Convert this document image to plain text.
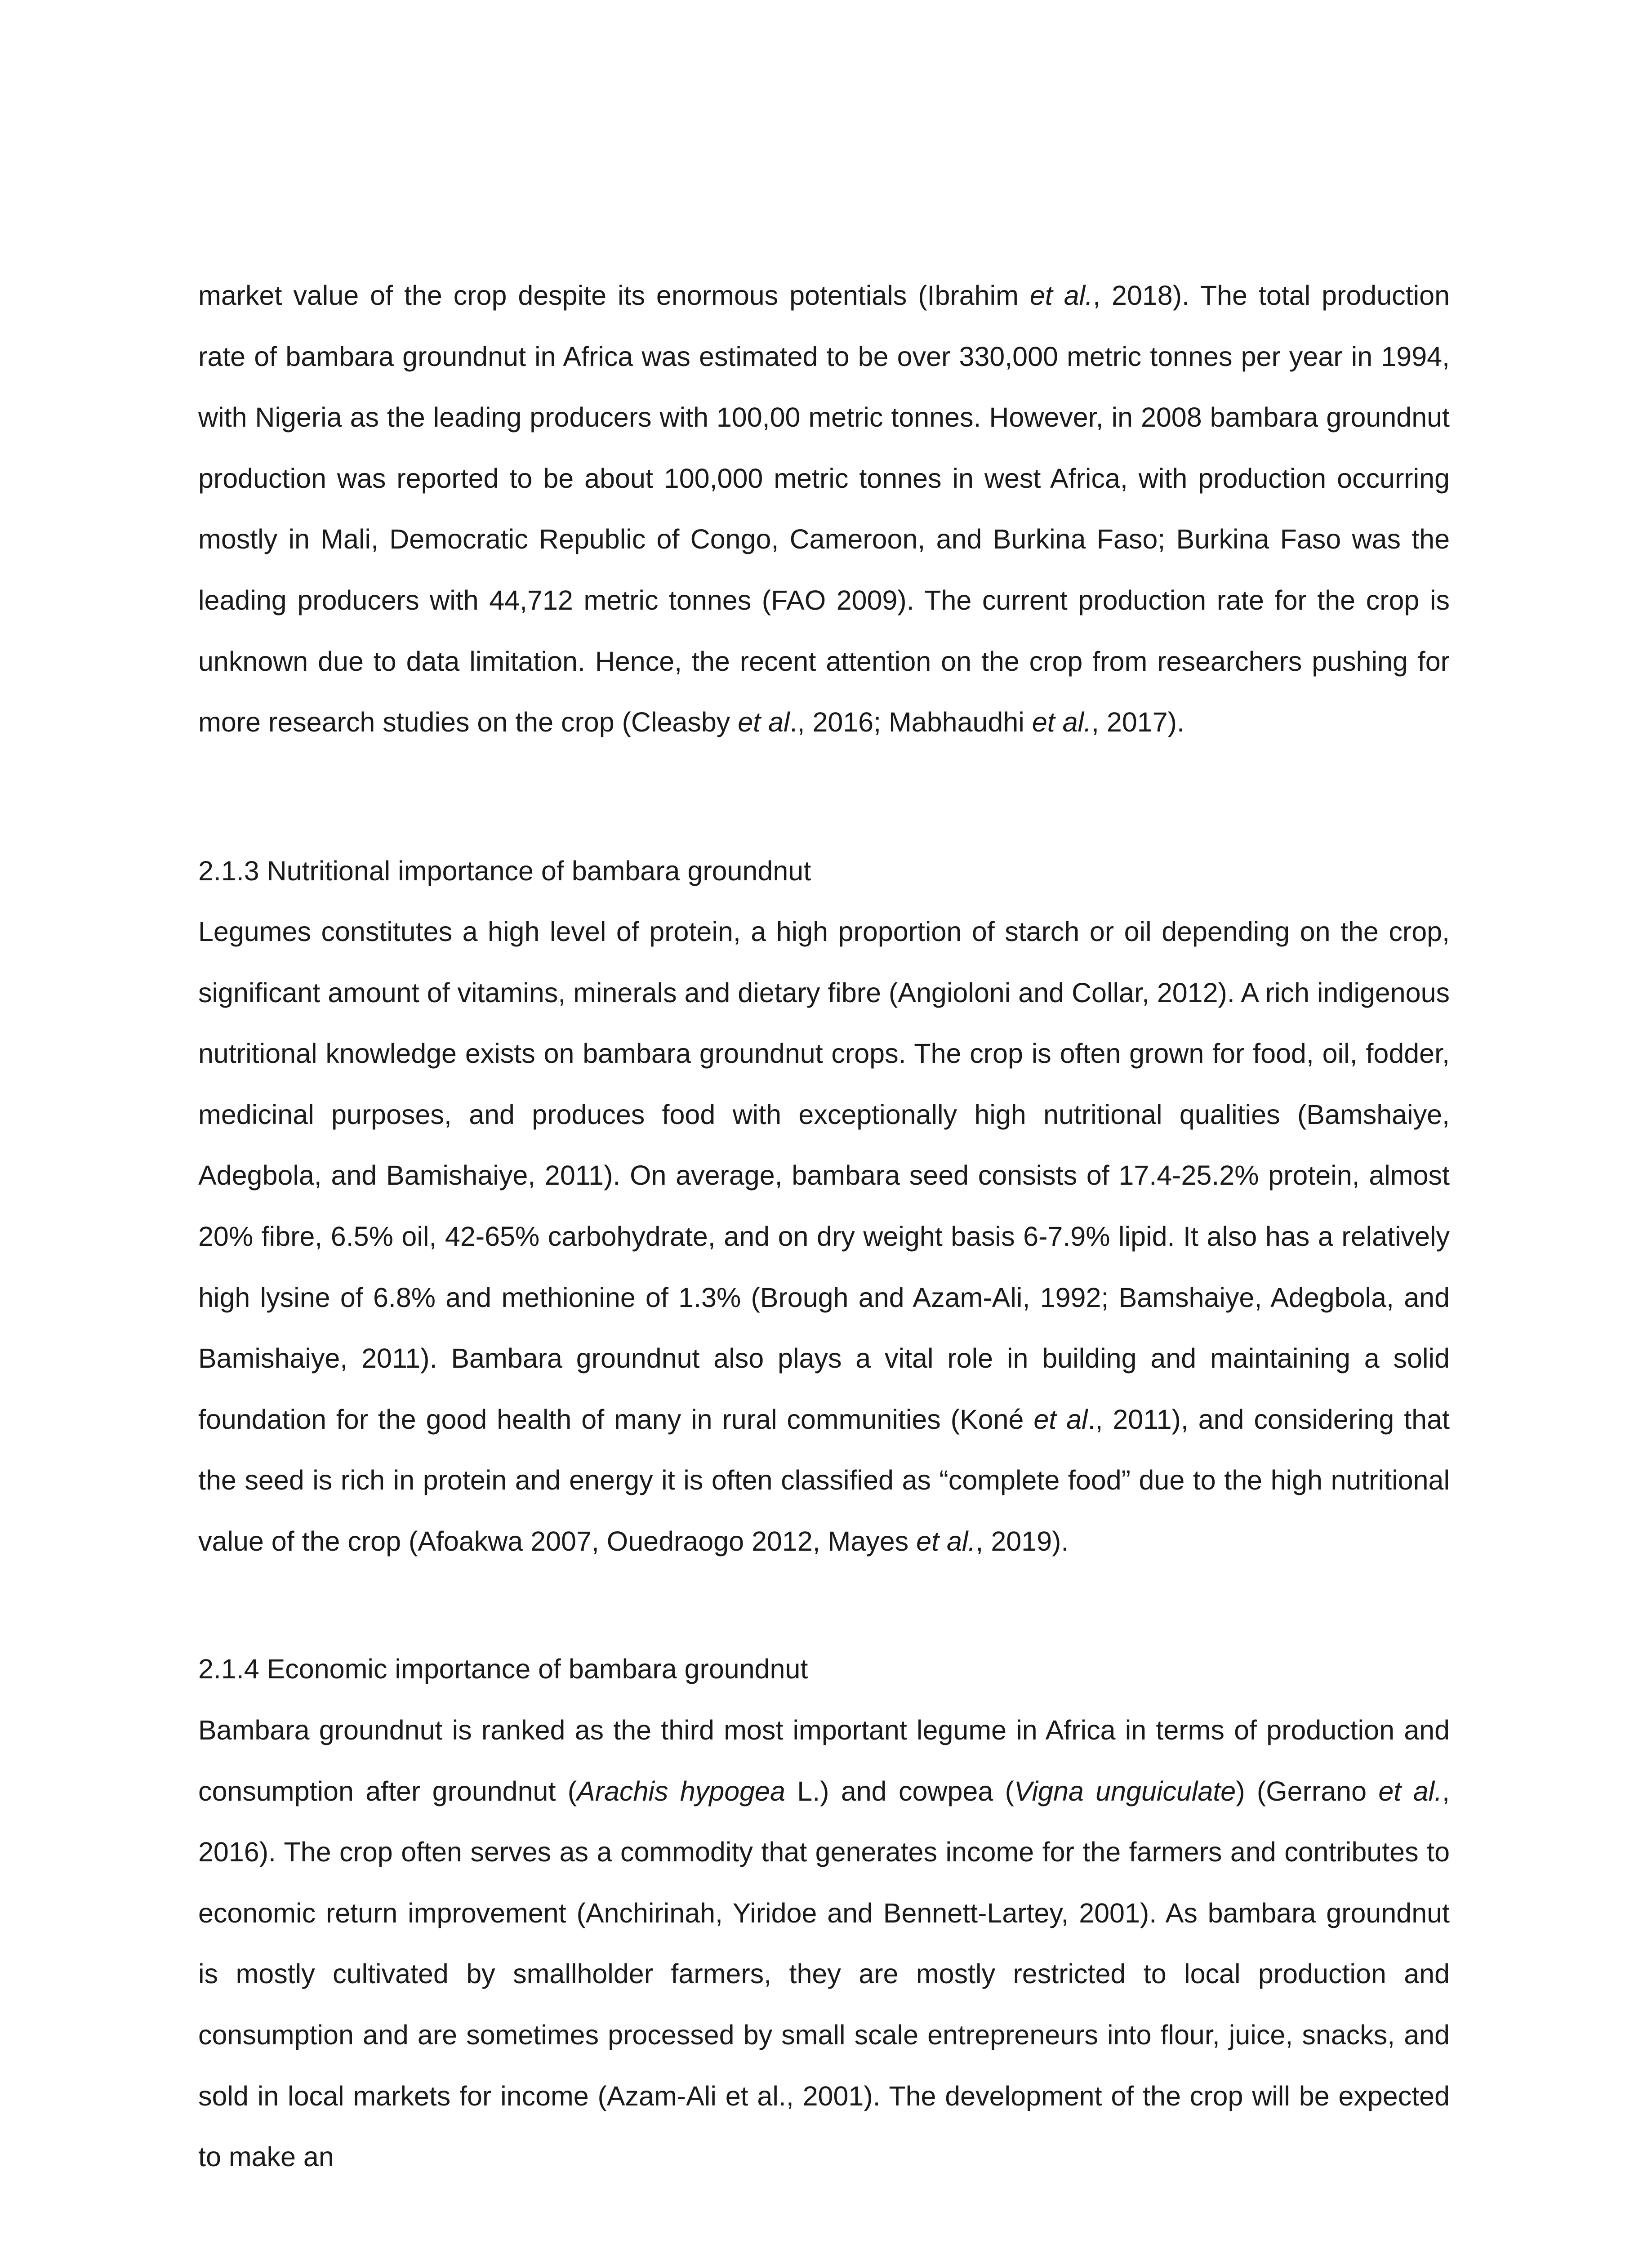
market value of the crop despite its enormous potentials (Ibrahim et al., 2018). The total production rate of bambara groundnut in Africa was estimated to be over 330,000 metric tonnes per year in 1994, with Nigeria as the leading producers with 100,00 metric tonnes. However, in 2008 bambara groundnut production was reported to be about 100,000 metric tonnes in west Africa, with production occurring mostly in Mali, Democratic Republic of Congo, Cameroon, and Burkina Faso; Burkina Faso was the leading producers with 44,712 metric tonnes (FAO 2009). The current production rate for the crop is unknown due to data limitation. Hence, the recent attention on the crop from researchers pushing for more research studies on the crop (Cleasby et al., 2016; Mabhaudhi et al., 2017).

2.1.3 Nutritional importance of bambara groundnut

Legumes constitutes a high level of protein, a high proportion of starch or oil depending on the crop, significant amount of vitamins, minerals and dietary fibre (Angioloni and Collar, 2012). A rich indigenous nutritional knowledge exists on bambara groundnut crops. The crop is often grown for food, oil, fodder, medicinal purposes, and produces food with exceptionally high nutritional qualities (Bamshaiye, Adegbola, and Bamishaiye, 2011). On average, bambara seed consists of 17.4-25.2% protein, almost 20% fibre, 6.5% oil, 42-65% carbohydrate, and on dry weight basis 6-7.9% lipid. It also has a relatively high lysine of 6.8% and methionine of 1.3% (Brough and Azam-Ali, 1992; Bamshaiye, Adegbola, and Bamishaiye, 2011). Bambara groundnut also plays a vital role in building and maintaining a solid foundation for the good health of many in rural communities (Koné et al., 2011), and considering that the seed is rich in protein and energy it is often classified as “complete food” due to the high nutritional value of the crop (Afoakwa 2007, Ouedraogo 2012, Mayes et al., 2019).

2.1.4 Economic importance of bambara groundnut

Bambara groundnut is ranked as the third most important legume in Africa in terms of production and consumption after groundnut (Arachis hypogea L.) and cowpea (Vigna unguiculate) (Gerrano et al., 2016). The crop often serves as a commodity that generates income for the farmers and contributes to economic return improvement (Anchirinah, Yiridoe and Bennett-Lartey, 2001). As bambara groundnut is mostly cultivated by smallholder farmers, they are mostly restricted to local production and consumption and are sometimes processed by small scale entrepreneurs into flour, juice, snacks, and sold in local markets for income (Azam-Ali et al., 2001). The development of the crop will be expected to make an
